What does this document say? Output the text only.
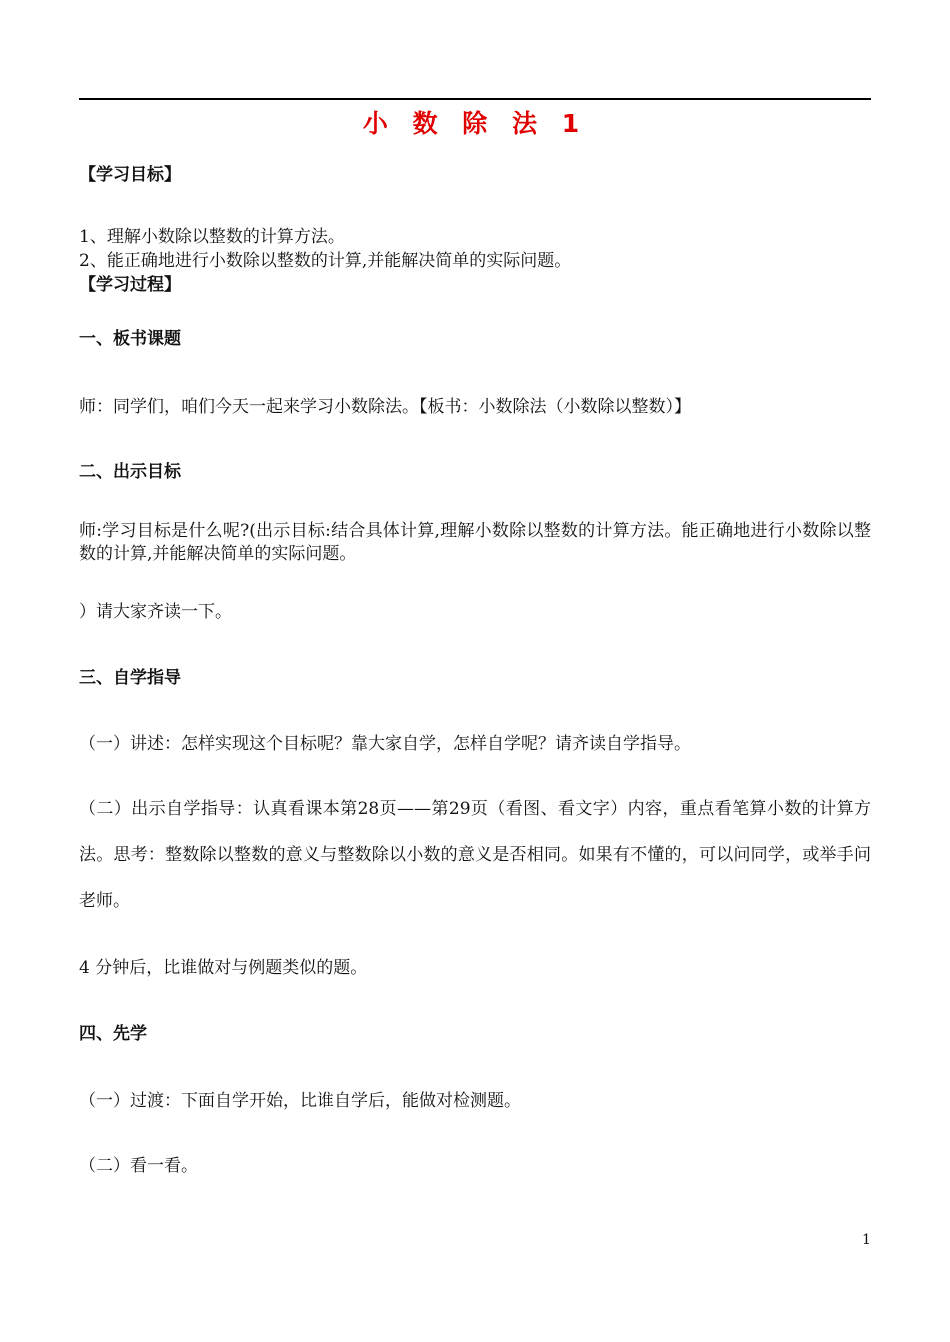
小 数 除 法 1
【学习目标】
1、理解小数除以整数的计算方法。
2、能正确地进行小数除以整数的计算,并能解决简单的实际问题。
【学习过程】
一、板书课题
师：同学们，咱们今天一起来学习小数除法。【板书：小数除法（小数除以整数）】
二、出示目标
师:学习目标是什么呢?(出示目标:结合具体计算,理解小数除以整数的计算方法。能正确地进行小数除以整数的计算,并能解决简单的实际问题。
）请大家齐读一下。
三、自学指导
（一）讲述：怎样实现这个目标呢？靠大家自学，怎样自学呢？请齐读自学指导。
（二）出示自学指导：认真看课本第28页——第29页（看图、看文字）内容，重点看笔算小数的计算方法。思考：整数除以整数的意义与整数除以小数的意义是否相同。如果有不懂的，可以问同学，或举手问老师。
4 分钟后，比谁做对与例题类似的题。
四、先学
（一）过渡：下面自学开始，比谁自学后，能做对检测题。
（二）看一看。
1
